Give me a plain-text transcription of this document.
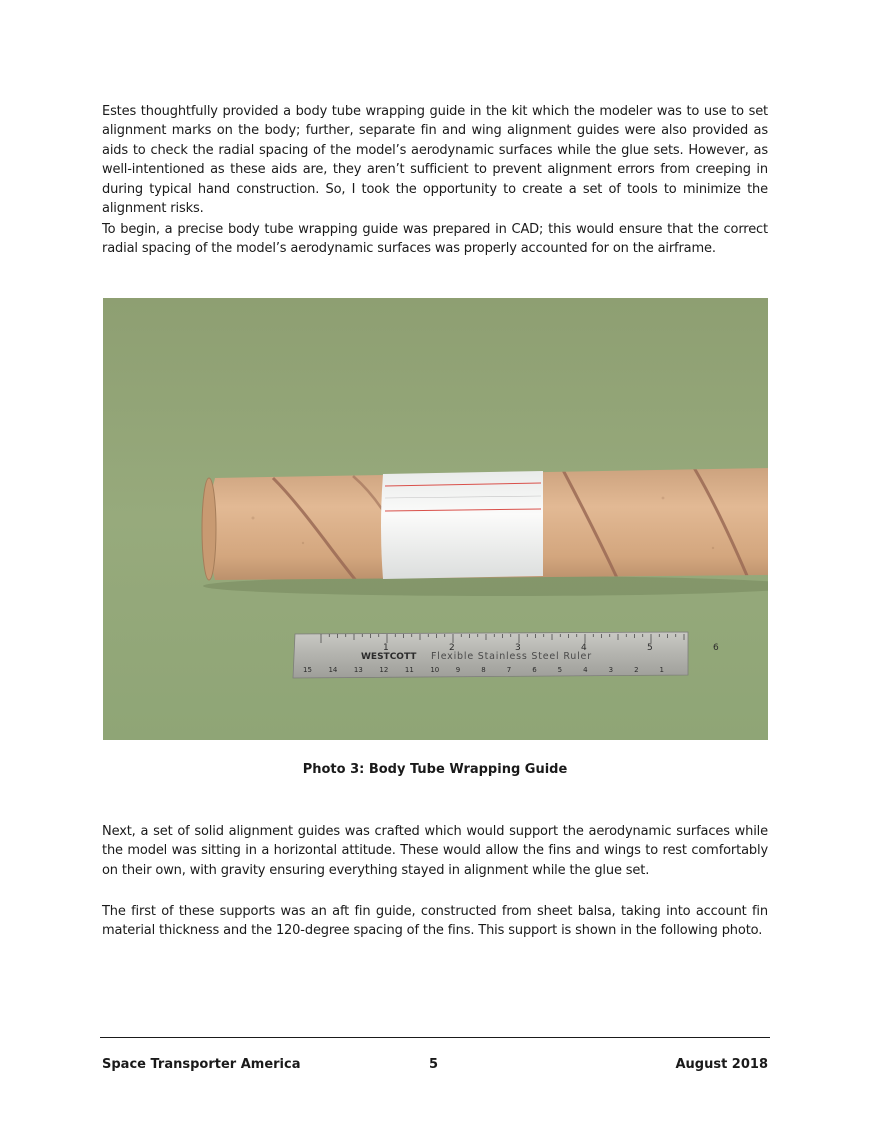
Estes thoughtfully provided a body tube wrapping guide in the kit which the modeler was to use to set alignment marks on the body; further, separate fin and wing alignment guides were also provided as aids to check the radial spacing of the model’s aerodynamic surfaces while the glue sets. However, as well-intentioned as these aids are, they aren’t sufficient to prevent alignment errors from creeping in during typical hand construction. So, I took the opportunity to create a set of tools to minimize the alignment risks.

To begin, a precise body tube wrapping guide was prepared in CAD; this would ensure that the correct radial spacing of the model’s aerodynamic surfaces was properly accounted for on the airframe.

1	2	3	4	5	6
WESTCOTT Flexible Stainless Steel Ruler
15 14 13 12 11 10 9	8	7	6	5	4	3	2	1

Photo 3: Body Tube Wrapping Guide

Next, a set of solid alignment guides was crafted which would support the aerodynamic surfaces while the model was sitting in a horizontal attitude. These would allow the fins and wings to rest comfortably on their own, with gravity ensuring everything stayed in alignment while the glue set.

The first of these supports was an aft fin guide, constructed from sheet balsa, taking into account fin material thickness and the 120-degree spacing of the fins. This support is shown in the following photo.

Space Transporter America	5	August 2018
